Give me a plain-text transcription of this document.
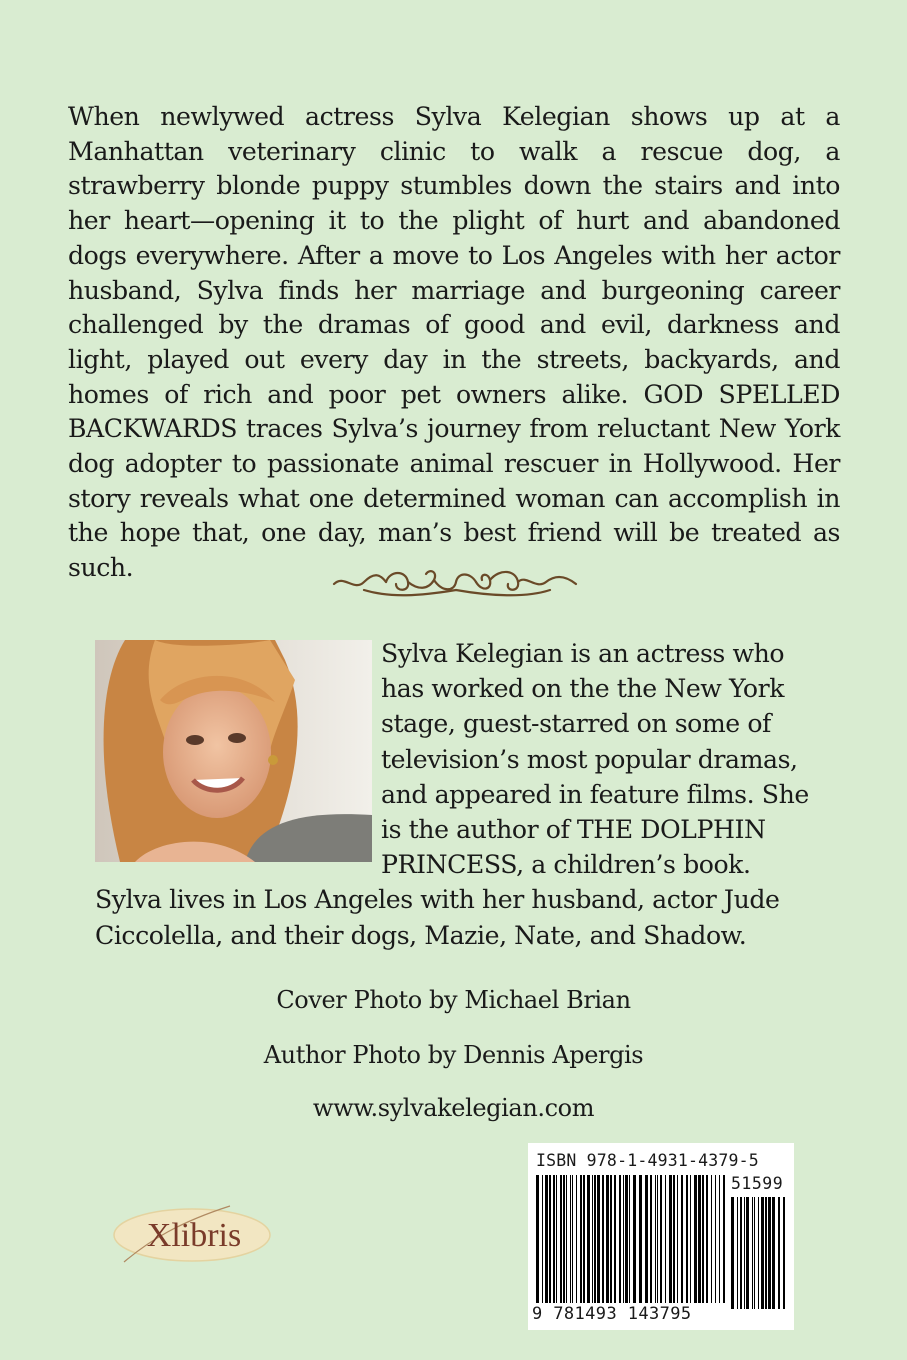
When newlywed actress Sylva Kelegian shows up at a Manhattan veterinary clinic to walk a rescue dog, a strawberry blonde puppy stumbles down the stairs and into her heart—opening it to the plight of hurt and abandoned dogs everywhere. After a move to Los Angeles with her actor husband, Sylva finds her marriage and burgeoning career challenged by the dramas of good and evil, darkness and light, played out every day in the streets, backyards, and homes of rich and poor pet owners alike. GOD SPELLED BACKWARDS traces Sylva’s journey from reluctant New York dog adopter to passionate animal rescuer in Hollywood. Her story reveals what one determined woman can accomplish in the hope that, one day, man’s best friend will be treated as such.

Sylva Kelegian is an actress who has worked on the the New York stage, guest-starred on some of television’s most popular dramas, and appeared in feature films. She is the author of THE DOLPHIN PRINCESS, a children’s book. Sylva lives in Los Angeles with her husband, actor Jude Ciccolella, and their dogs, Mazie, Nate, and Shadow.

Cover Photo by Michael Brian
Author Photo by Dennis Apergis
www.sylvakelegian.com
Xlibris
ISBN 978-1-4931-4379-5
51599
9 781493 143795
